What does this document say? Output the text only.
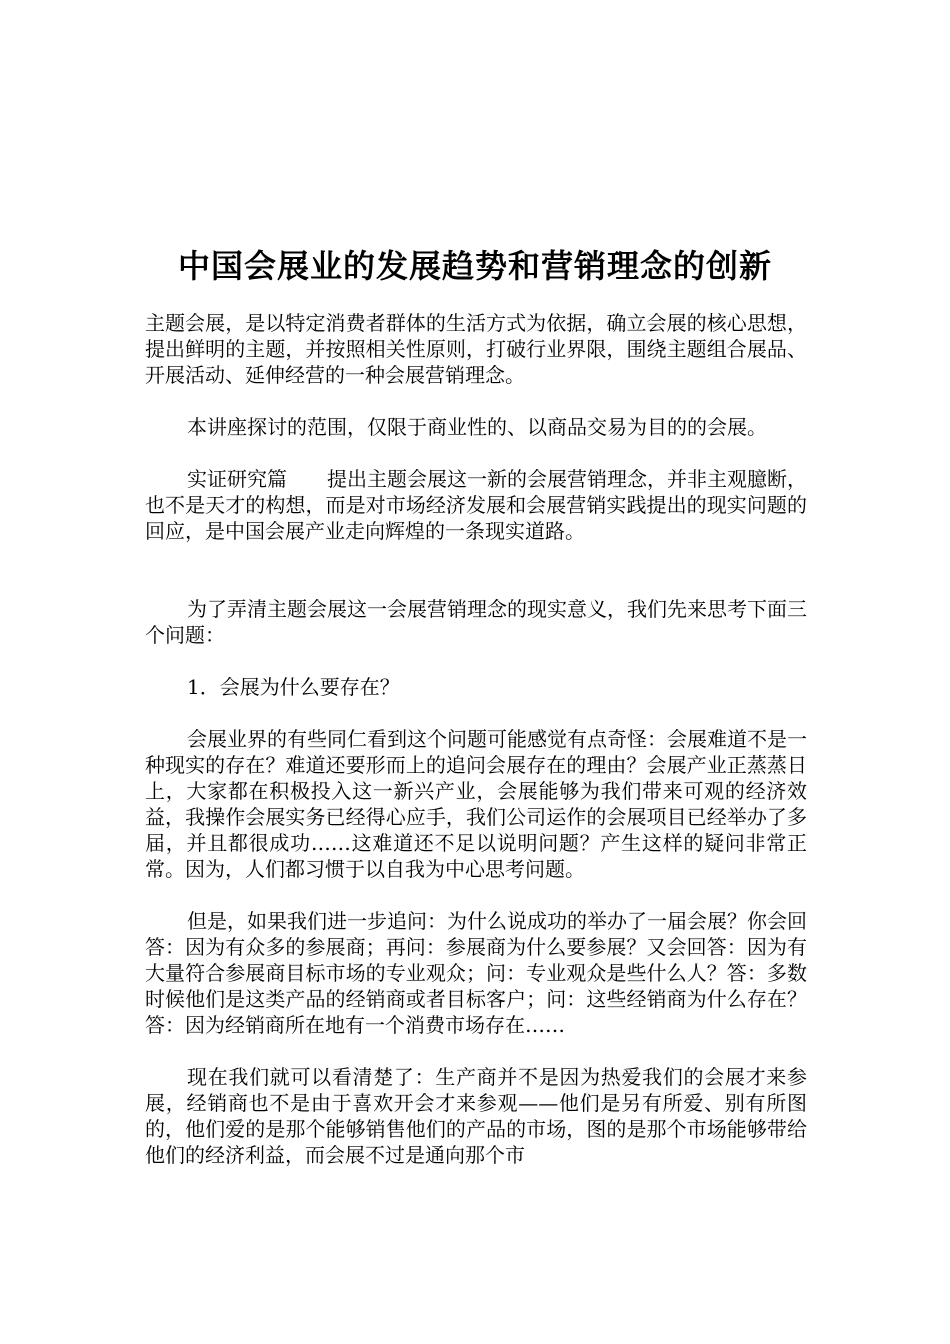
中国会展业的发展趋势和营销理念的创新

主题会展，是以特定消费者群体的生活方式为依据，确立会展的核心思想，提出鲜明的主题，并按照相关性原则，打破行业界限，围绕主题组合展品、开展活动、延伸经营的一种会展营销理念。

本讲座探讨的范围，仅限于商业性的、以商品交易为目的的会展。

实证研究篇　　提出主题会展这一新的会展营销理念，并非主观臆断，也不是天才的构想，而是对市场经济发展和会展营销实践提出的现实问题的回应，是中国会展产业走向辉煌的一条现实道路。

为了弄清主题会展这一会展营销理念的现实意义，我们先来思考下面三个问题：

1．会展为什么要存在？

会展业界的有些同仁看到这个问题可能感觉有点奇怪：会展难道不是一种现实的存在？难道还要形而上的追问会展存在的理由？会展产业正蒸蒸日上，大家都在积极投入这一新兴产业，会展能够为我们带来可观的经济效益，我操作会展实务已经得心应手，我们公司运作的会展项目已经举办了多届，并且都很成功……这难道还不足以说明问题？产生这样的疑问非常正常。因为，人们都习惯于以自我为中心思考问题。

但是，如果我们进一步追问：为什么说成功的举办了一届会展？你会回答：因为有众多的参展商；再问：参展商为什么要参展？又会回答：因为有大量符合参展商目标市场的专业观众；问：专业观众是些什么人？答：多数时候他们是这类产品的经销商或者目标客户；问：这些经销商为什么存在？答：因为经销商所在地有一个消费市场存在……

现在我们就可以看清楚了：生产商并不是因为热爱我们的会展才来参展，经销商也不是由于喜欢开会才来参观——他们是另有所爱、别有所图的，他们爱的是那个能够销售他们的产品的市场，图的是那个市场能够带给他们的经济利益，而会展不过是通向那个市
